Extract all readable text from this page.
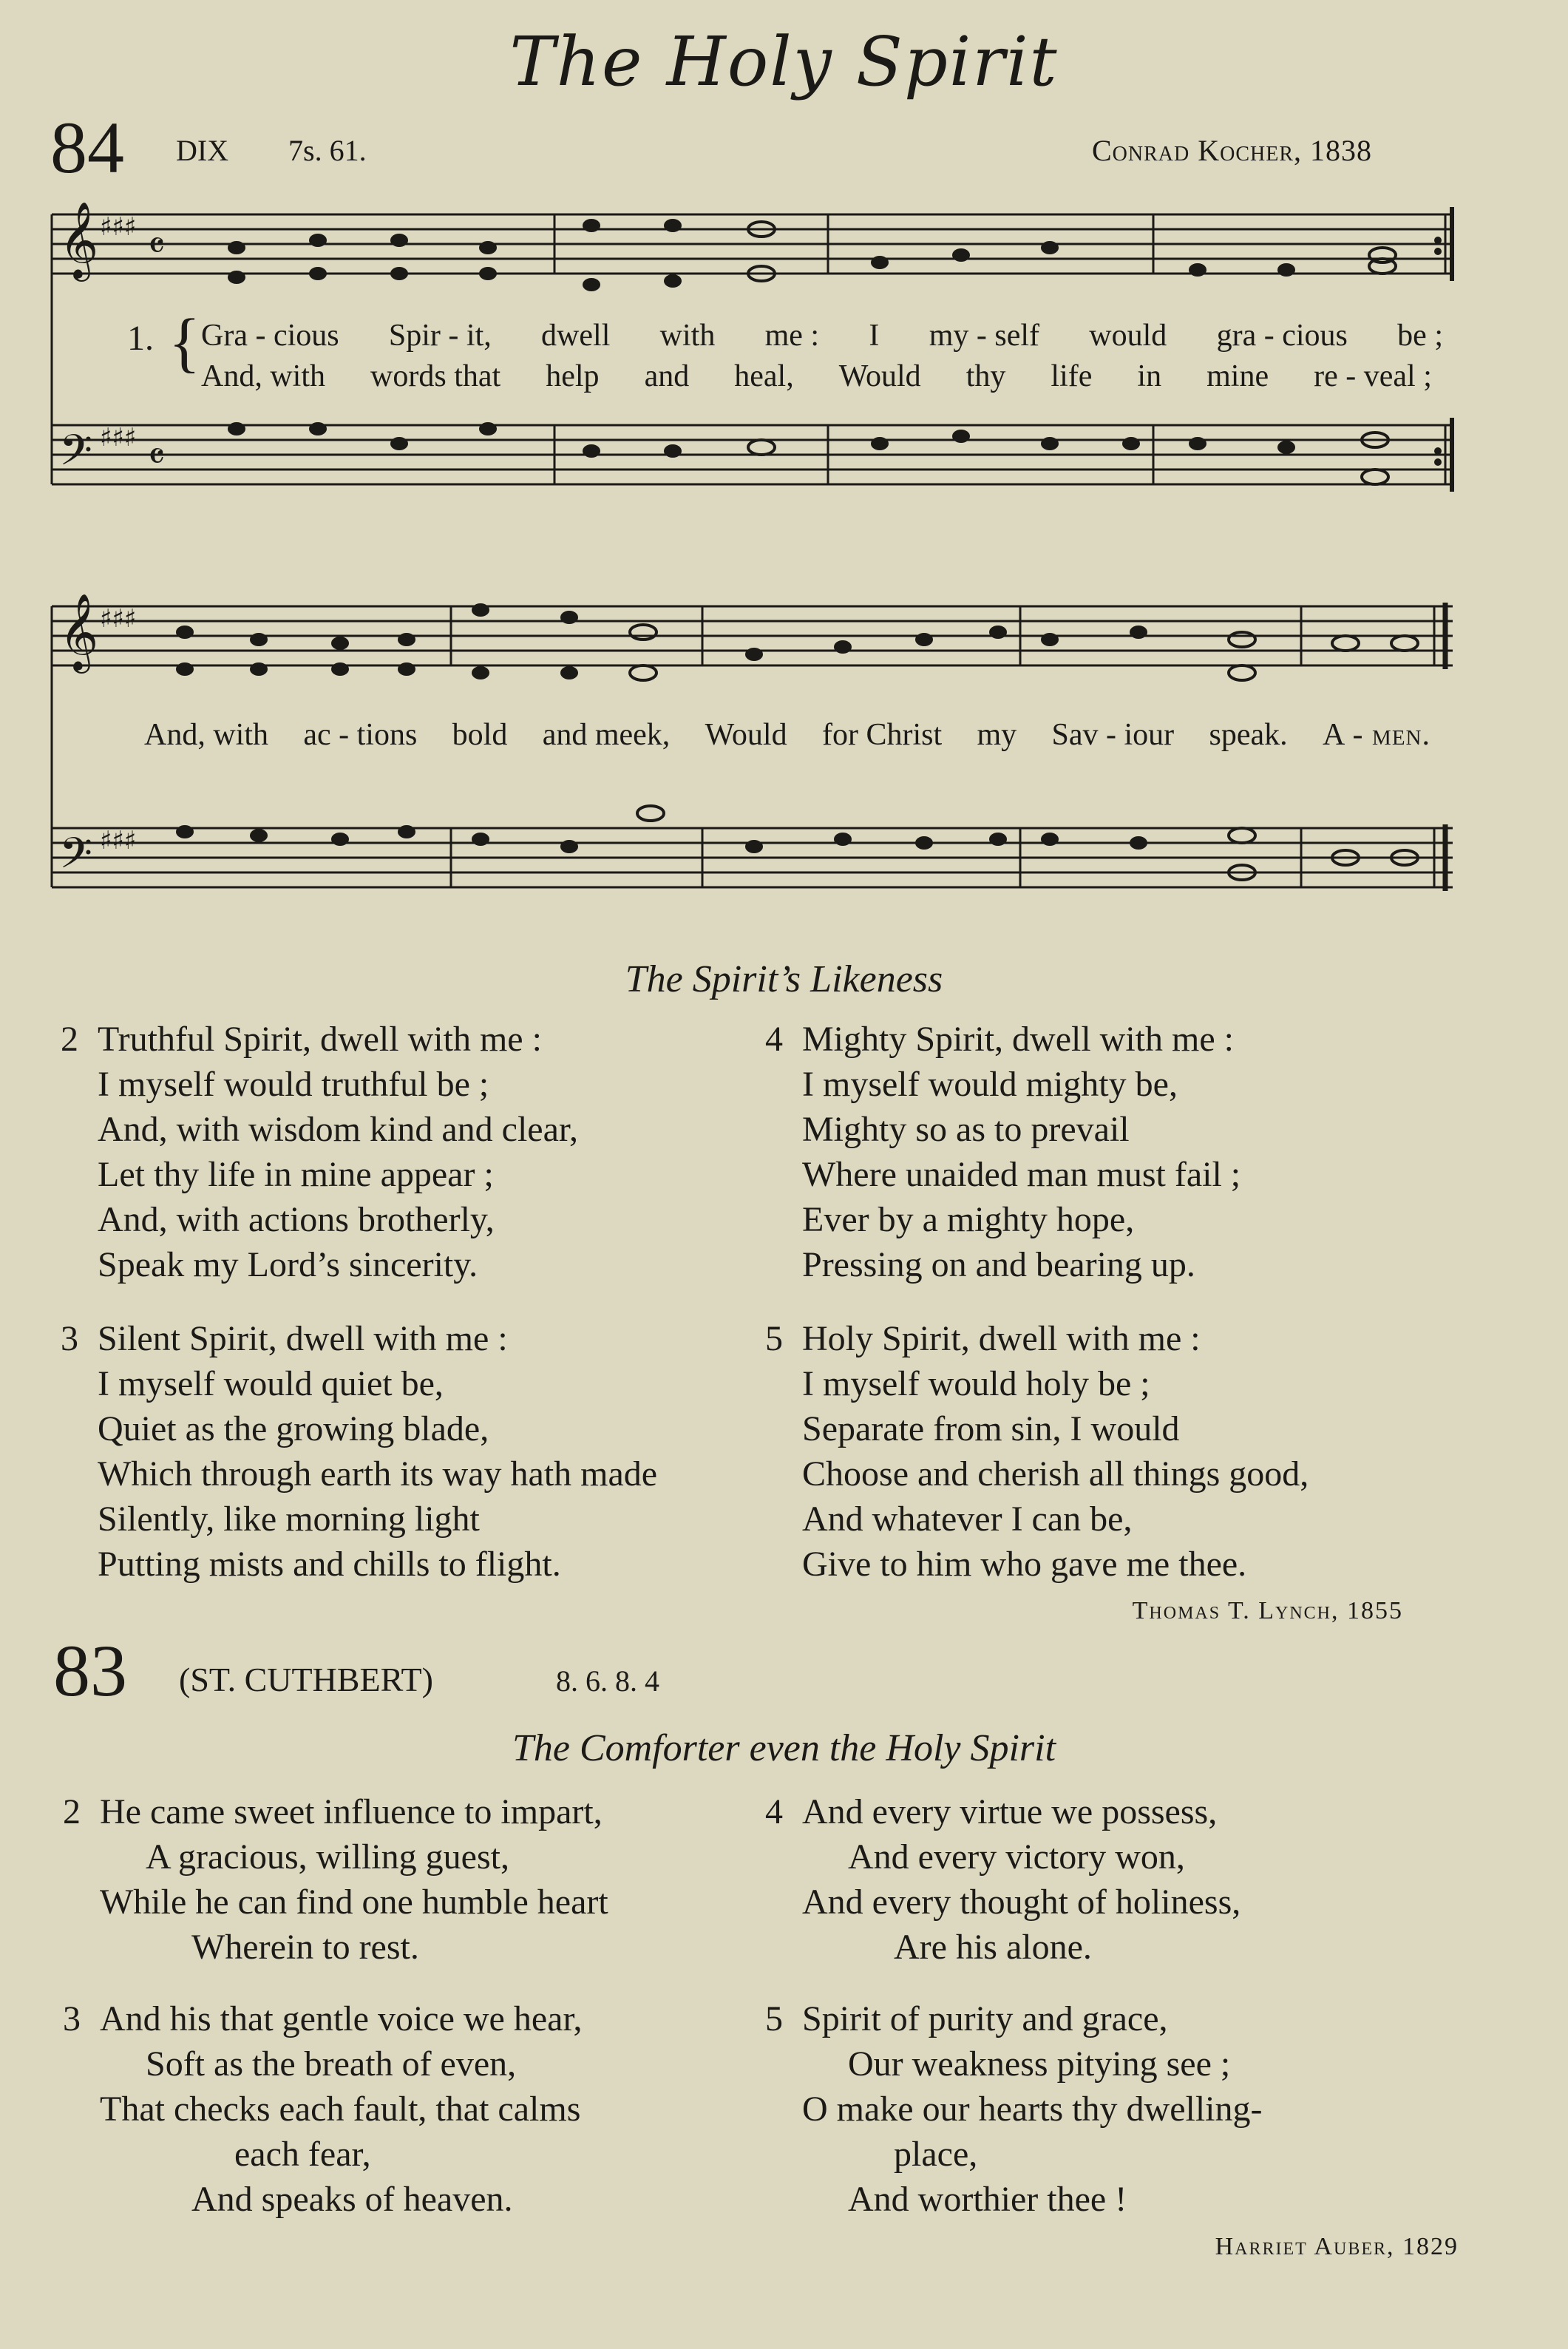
The Holy Spirit
84 DIX 7s. 61.	Conrad Kocher, 1838
𝄞
𝄢
♯♯♯
♯♯♯
𝄴
𝄴
1. { Gra - cious Spir - it, dwell with me : I my - self would gra - cious be ;
And, with words that help and heal, Would thy life in mine re - veal ;
𝄞
𝄢
♯♯♯
♯♯♯
And, with ac - tions bold and meek, Would for Christ my Sav - iour speak. A - men.
The Spirit’s Likeness
2 Truthful Spirit, dwell with me :
I myself would truthful be ;
And, with wisdom kind and clear,
Let thy life in mine appear ;
And, with actions brotherly,
Speak my Lord’s sincerity.
3 Silent Spirit, dwell with me :
I myself would quiet be,
Quiet as the growing blade,
Which through earth its way hath made
Silently, like morning light
Putting mists and chills to flight.
4 Mighty Spirit, dwell with me :
I myself would mighty be,
Mighty so as to prevail
Where unaided man must fail ;
Ever by a mighty hope,
Pressing on and bearing up.
5 Holy Spirit, dwell with me :
I myself would holy be ;
Separate from sin, I would
Choose and cherish all things good,
And whatever I can be,
Give to him who gave me thee.
Thomas T. Lynch, 1855
83 (ST. CUTHBERT)	8. 6. 8. 4
The Comforter even the Holy Spirit
2 He came sweet influence to impart,
A gracious, willing guest,
While he can find one humble heart
Wherein to rest.
3 And his that gentle voice we hear,
Soft as the breath of even,
That checks each fault, that calms
each fear,
And speaks of heaven.
4 And every virtue we possess,
And every victory won,
And every thought of holiness,
Are his alone.
5 Spirit of purity and grace,
Our weakness pitying see ;
O make our hearts thy dwelling-
place,
And worthier thee !
Harriet Auber, 1829
